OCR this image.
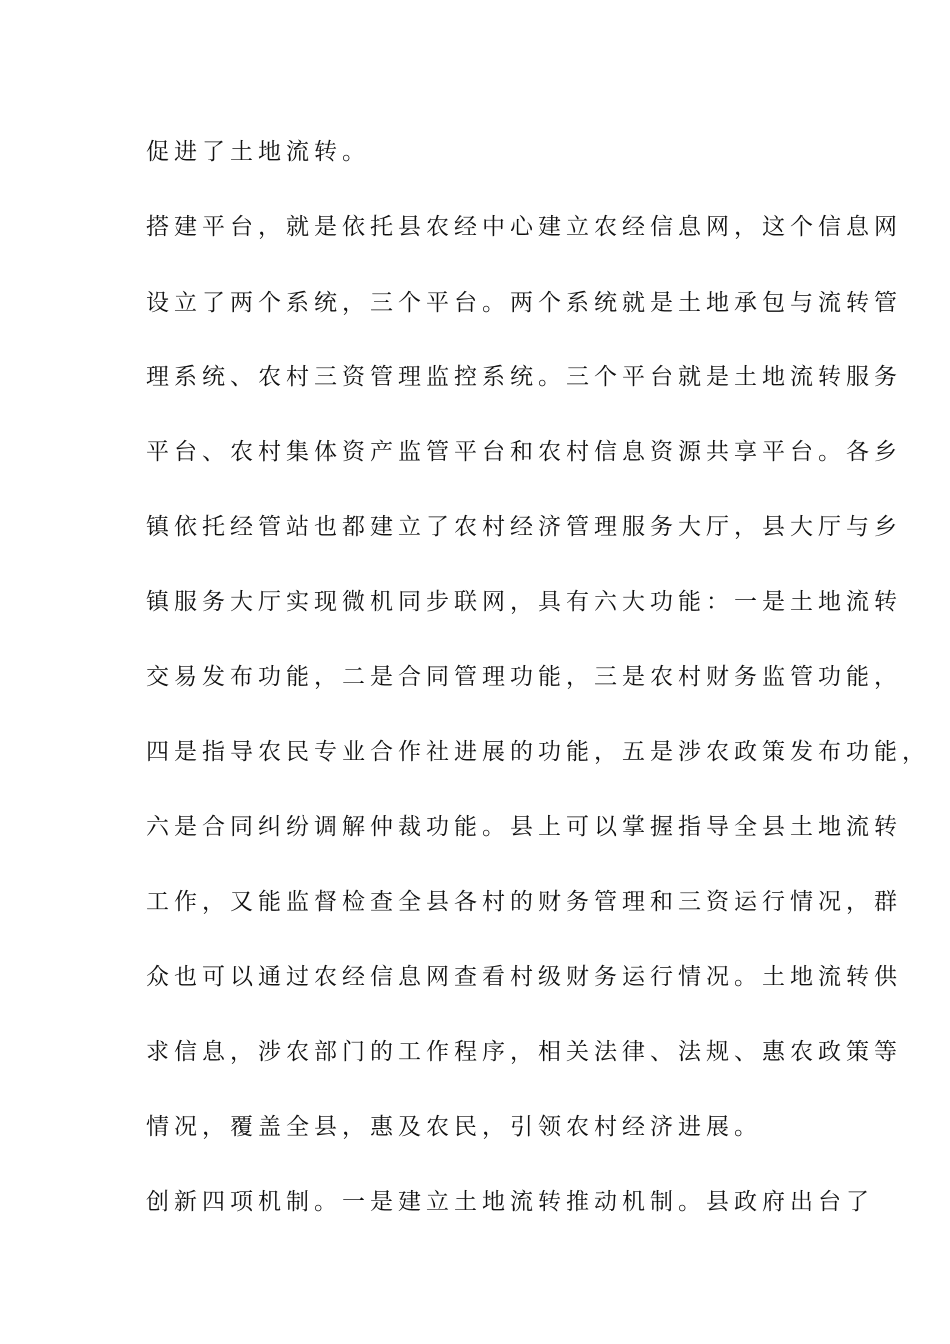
促进了土地流转。
搭建平台，就是依托县农经中心建立农经信息网，这个信息网
设立了两个系统，三个平台。两个系统就是土地承包与流转管
理系统、农村三资管理监控系统。三个平台就是土地流转服务
平台、农村集体资产监管平台和农村信息资源共享平台。各乡
镇依托经管站也都建立了农村经济管理服务大厅，县大厅与乡
镇服务大厅实现微机同步联网，具有六大功能：一是土地流转
交易发布功能，二是合同管理功能，三是农村财务监管功能，
四是指导农民专业合作社进展的功能，五是涉农政策发布功能，
六是合同纠纷调解仲裁功能。县上可以掌握指导全县土地流转
工作，又能监督检查全县各村的财务管理和三资运行情况，群
众也可以通过农经信息网查看村级财务运行情况。土地流转供
求信息，涉农部门的工作程序，相关法律、法规、惠农政策等
情况，覆盖全县，惠及农民，引领农村经济进展。
创新四项机制。一是建立土地流转推动机制。县政府出台了
